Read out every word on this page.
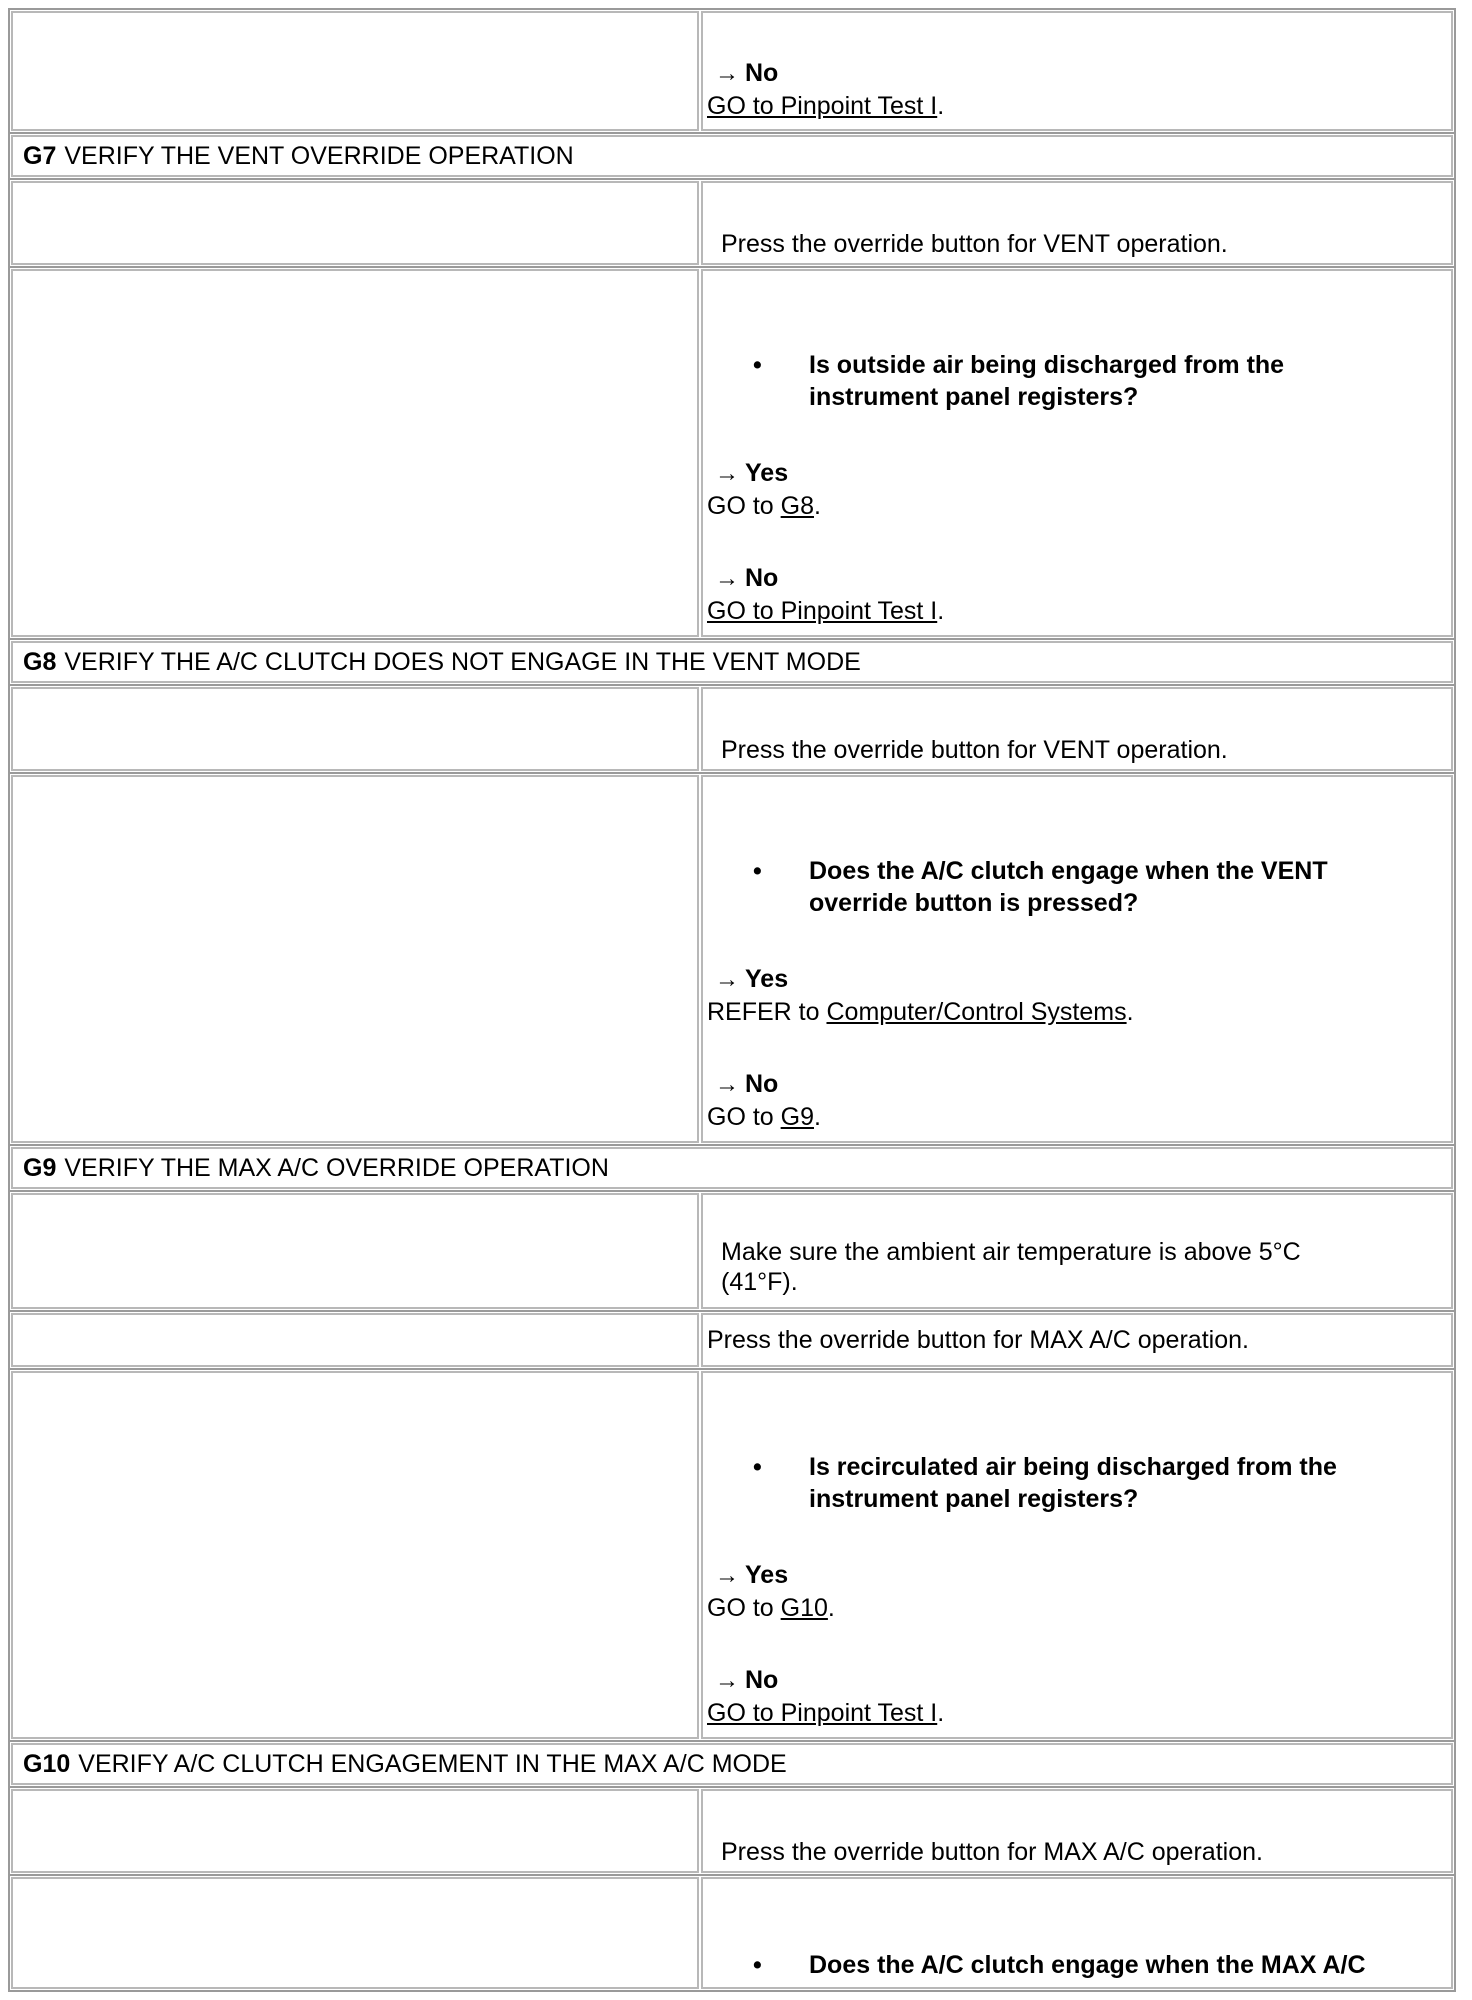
→ No
GO to Pinpoint Test I.
G7 VERIFY THE VENT OVERRIDE OPERATION
Press the override button for VENT operation.
• Is outside air being discharged from the instrument panel registers?
→ Yes
GO to G8.
→ No
GO to Pinpoint Test I.
G8 VERIFY THE A/C CLUTCH DOES NOT ENGAGE IN THE VENT MODE
Press the override button for VENT operation.
• Does the A/C clutch engage when the VENT override button is pressed?
→ Yes
REFER to Computer/Control Systems.
→ No
GO to G9.
G9 VERIFY THE MAX A/C OVERRIDE OPERATION
Make sure the ambient air temperature is above 5°C (41°F).
Press the override button for MAX A/C operation.
• Is recirculated air being discharged from the instrument panel registers?
→ Yes
GO to G10.
→ No
GO to Pinpoint Test I.
G10 VERIFY A/C CLUTCH ENGAGEMENT IN THE MAX A/C MODE
Press the override button for MAX A/C operation.
• Does the A/C clutch engage when the MAX A/C
